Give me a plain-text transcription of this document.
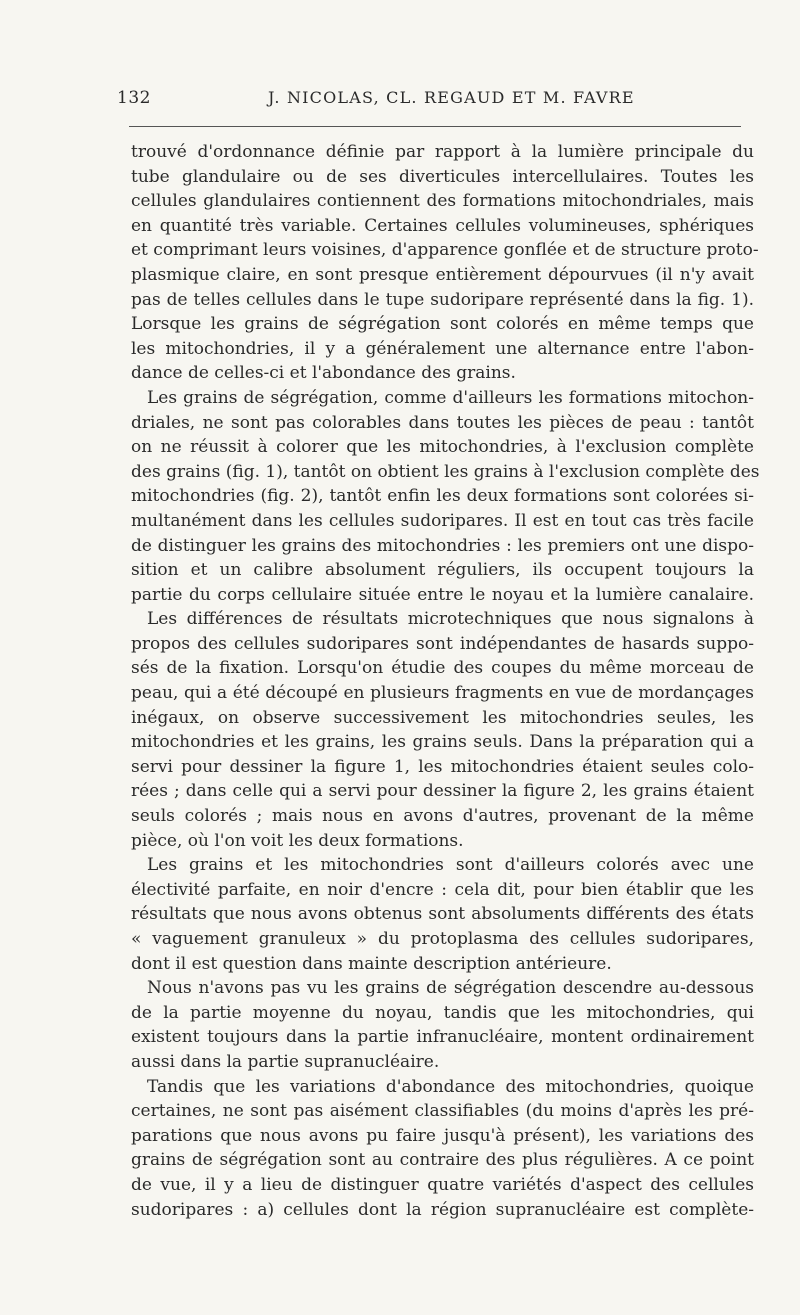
132	J. NICOLAS, CL. REGAUD ET M. FAVRE
trouvé d'ordonnance définie par rapport à la lumière principale du
tube glandulaire ou de ses diverticules intercellulaires. Toutes les
cellules glandulaires contiennent des formations mitochondriales, mais
en quantité très variable. Certaines cellules volumineuses, sphériques
et comprimant leurs voisines, d'apparence gonflée et de structure proto-
plasmique claire, en sont presque entièrement dépourvues (il n'y avait
pas de telles cellules dans le tupe sudoripare représenté dans la fig. 1).
Lorsque les grains de ségrégation sont colorés en même temps que
les mitochondries, il y a généralement une alternance entre l'abon-
dance de celles-ci et l'abondance des grains.
Les grains de ségrégation, comme d'ailleurs les formations mitochon-
driales, ne sont pas colorables dans toutes les pièces de peau : tantôt
on ne réussit à colorer que les mitochondries, à l'exclusion complète
des grains (fig. 1), tantôt on obtient les grains à l'exclusion complète des
mitochondries (fig. 2), tantôt enfin les deux formations sont colorées si-
multanément dans les cellules sudoripares. Il est en tout cas très facile
de distinguer les grains des mitochondries : les premiers ont une dispo-
sition et un calibre absolument réguliers, ils occupent toujours la
partie du corps cellulaire située entre le noyau et la lumière canalaire.
Les différences de résultats microtechniques que nous signalons à
propos des cellules sudoripares sont indépendantes de hasards suppo-
sés de la fixation. Lorsqu'on étudie des coupes du même morceau de
peau, qui a été découpé en plusieurs fragments en vue de mordançages
inégaux, on observe successivement les mitochondries seules, les
mitochondries et les grains, les grains seuls. Dans la préparation qui a
servi pour dessiner la figure 1, les mitochondries étaient seules colo-
rées ; dans celle qui a servi pour dessiner la figure 2, les grains étaient
seuls colorés ; mais nous en avons d'autres, provenant de la même
pièce, où l'on voit les deux formations.
Les grains et les mitochondries sont d'ailleurs colorés avec une
électivité parfaite, en noir d'encre : cela dit, pour bien établir que les
résultats que nous avons obtenus sont absoluments différents des états
« vaguement granuleux » du protoplasma des cellules sudoripares,
dont il est question dans mainte description antérieure.
Nous n'avons pas vu les grains de ségrégation descendre au-dessous
de la partie moyenne du noyau, tandis que les mitochondries, qui
existent toujours dans la partie infranucléaire, montent ordinairement
aussi dans la partie supranucléaire.
Tandis que les variations d'abondance des mitochondries, quoique
certaines, ne sont pas aisément classifiables (du moins d'après les pré-
parations que nous avons pu faire jusqu'à présent), les variations des
grains de ségrégation sont au contraire des plus régulières. A ce point
de vue, il y a lieu de distinguer quatre variétés d'aspect des cellules
sudoripares : a) cellules dont la région supranucléaire est complète-
